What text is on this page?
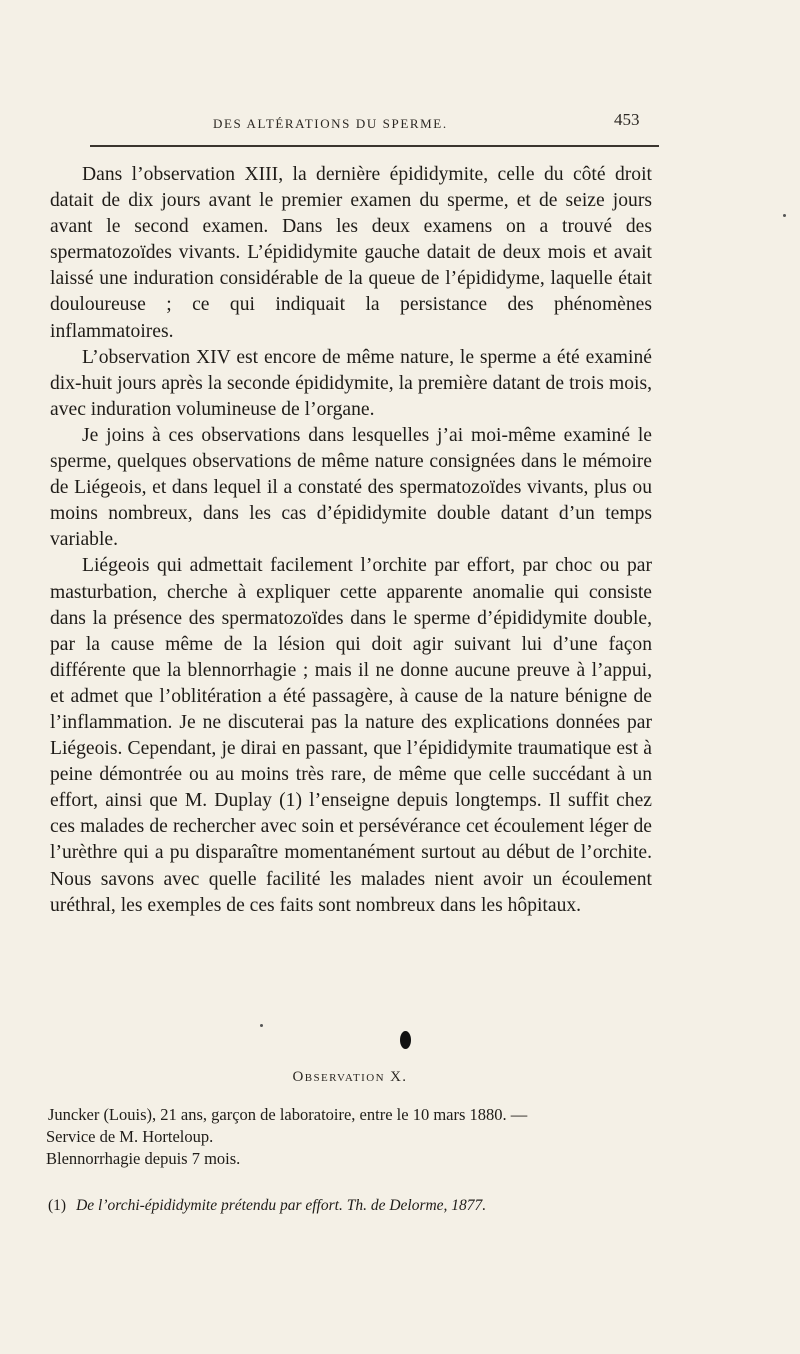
DES ALTÉRATIONS DU SPERME.	453

Dans l’observation XIII, la dernière épididymite, celle du côté droit datait de dix jours avant le premier examen du sperme, et de seize jours avant le second examen. Dans les deux examens on a trouvé des spermatozoïdes vivants. L’épididymite gauche datait de deux mois et avait laissé une induration considérable de la queue de l’épididyme, laquelle était douloureuse ; ce qui indiquait la persistance des phénomènes inflammatoires.

L’observation XIV est encore de même nature, le sperme a été examiné dix-huit jours après la seconde épididymite, la première datant de trois mois, avec induration volumineuse de l’organe.

Je joins à ces observations dans lesquelles j’ai moi-même examiné le sperme, quelques observations de même nature consignées dans le mémoire de Liégeois, et dans lequel il a constaté des spermatozoïdes vivants, plus ou moins nombreux, dans les cas d’épididymite double datant d’un temps variable.

Liégeois qui admettait facilement l’orchite par effort, par choc ou par masturbation, cherche à expliquer cette apparente anomalie qui consiste dans la présence des spermatozoïdes dans le sperme d’épididymite double, par la cause même de la lésion qui doit agir suivant lui d’une façon différente que la blennorrhagie ; mais il ne donne aucune preuve à l’appui, et admet que l’oblitération a été passagère, à cause de la nature bénigne de l’inflammation. Je ne discuterai pas la nature des explications données par Liégeois. Cependant, je dirai en passant, que l’épididymite traumatique est à peine démontrée ou au moins très rare, de même que celle succédant à un effort, ainsi que M. Duplay (1) l’enseigne depuis longtemps. Il suffit chez ces malades de rechercher avec soin et persévérance cet écoulement léger de l’urèthre qui a pu disparaître momentanément surtout au début de l’orchite. Nous savons avec quelle facilité les malades nient avoir un écoulement uréthral, les exemples de ces faits sont nombreux dans les hôpitaux.

Observation X.

Juncker (Louis), 21 ans, garçon de laboratoire, entre le 10 mars 1880. —

Service de M. Horteloup.

Blennorrhagie depuis 7 mois.

(1) De l’orchi-épididymite prétendu par effort. Th. de Delorme, 1877.
